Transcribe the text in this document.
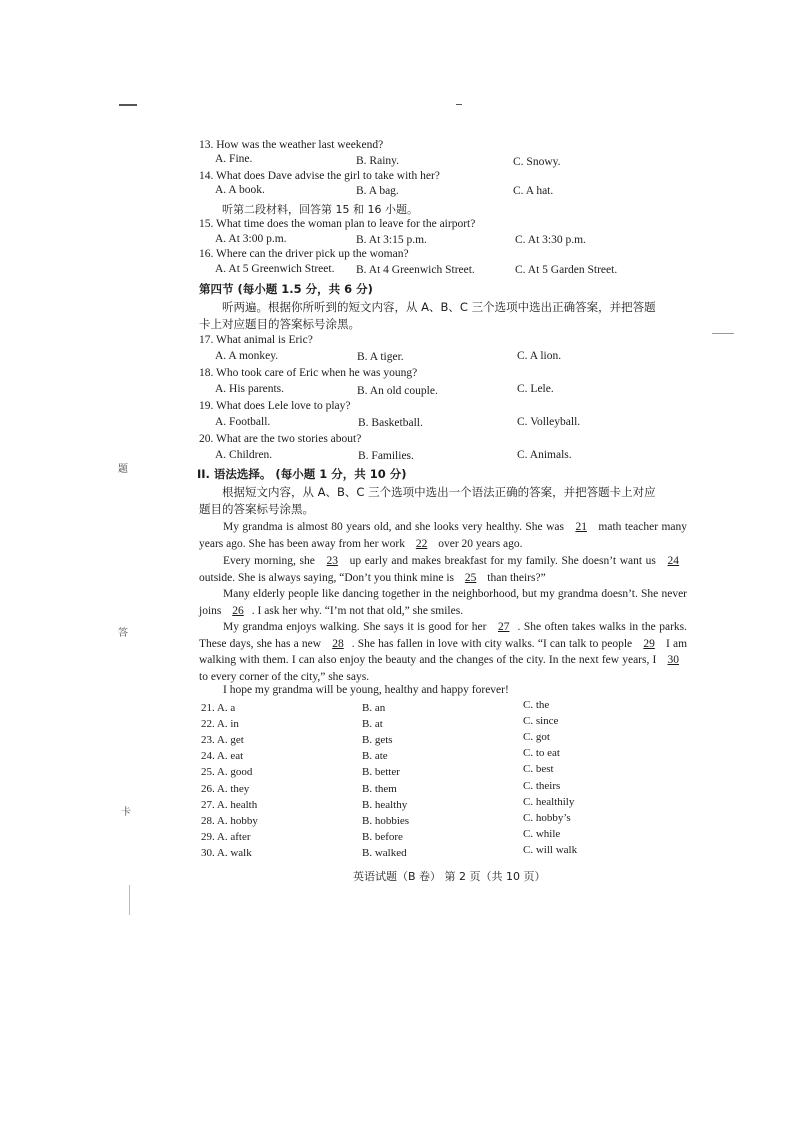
13. How was the weather last weekend?
A. Fine.	B. Rainy.	C. Snowy.
14. What does Dave advise the girl to take with her?
A. A book.	B. A bag.	C. A hat.
听第二段材料，回答第 15 和 16 小题。
15. What time does the woman plan to leave for the airport?
A. At 3:00 p.m.	B. At 3:15 p.m.	C. At 3:30 p.m.
16. Where can the driver pick up the woman?
A. At 5 Greenwich Street. B. At 4 Greenwich Street.	C. At 5 Garden Street.
第四节 (每小题 1.5 分，共 6 分)
听两遍。根据你所听到的短文内容，从 A、B、C 三个选项中选出正确答案，并把答题
卡上对应题目的答案标号涂黑。
17. What animal is Eric?
A. A monkey.	B. A tiger.	C. A lion.
18. Who took care of Eric when he was young?
A. His parents.	B. An old couple.	C. Lele.
19. What does Lele love to play?
A. Football.	B. Basketball.	C. Volleyball.
20. What are the two stories about?
A. Children.	B. Families.	C. Animals.
II. 语法选择。 (每小题 1 分，共 10 分)
根据短文内容，从 A、B、C 三个选项中选出一个语法正确的答案，并把答题卡上对应
题目的答案标号涂黑。
My grandma is almost 80 years old, and she looks very healthy. She was 21 math teacher many years ago. She has been away from her work 22 over 20 years ago.
Every morning, she 23 up early and makes breakfast for my family. She doesn’t want us 24 outside. She is always saying, “Don’t you think mine is 25 than theirs?”
Many elderly people like dancing together in the neighborhood, but my grandma doesn’t. She never joins 26 . I ask her why. “I’m not that old,” she smiles.
My grandma enjoys walking. She says it is good for her 27 . She often takes walks in the parks. These days, she has a new 28 . She has fallen in love with city walks. “I can talk to people 29 I am walking with them. I can also enjoy the beauty and the changes of the city. In the next few years, I 30 to every corner of the city,” she says.
I hope my grandma will be young, healthy and happy forever!
21. A. a	B. an	C. the
22. A. in	B. at	C. since
23. A. get	B. gets	C. got
24. A. eat	B. ate	C. to eat
25. A. good	B. better	C. best
26. A. they	B. them	C. theirs
27. A. health	B. healthy	C. healthily
28. A. hobby	B. hobbies	C. hobby’s
29. A. after	B. before	C. while
30. A. walk	B. walked	C. will walk
题
答
卡
英语试题（B 卷） 第 2 页（共 10 页）
